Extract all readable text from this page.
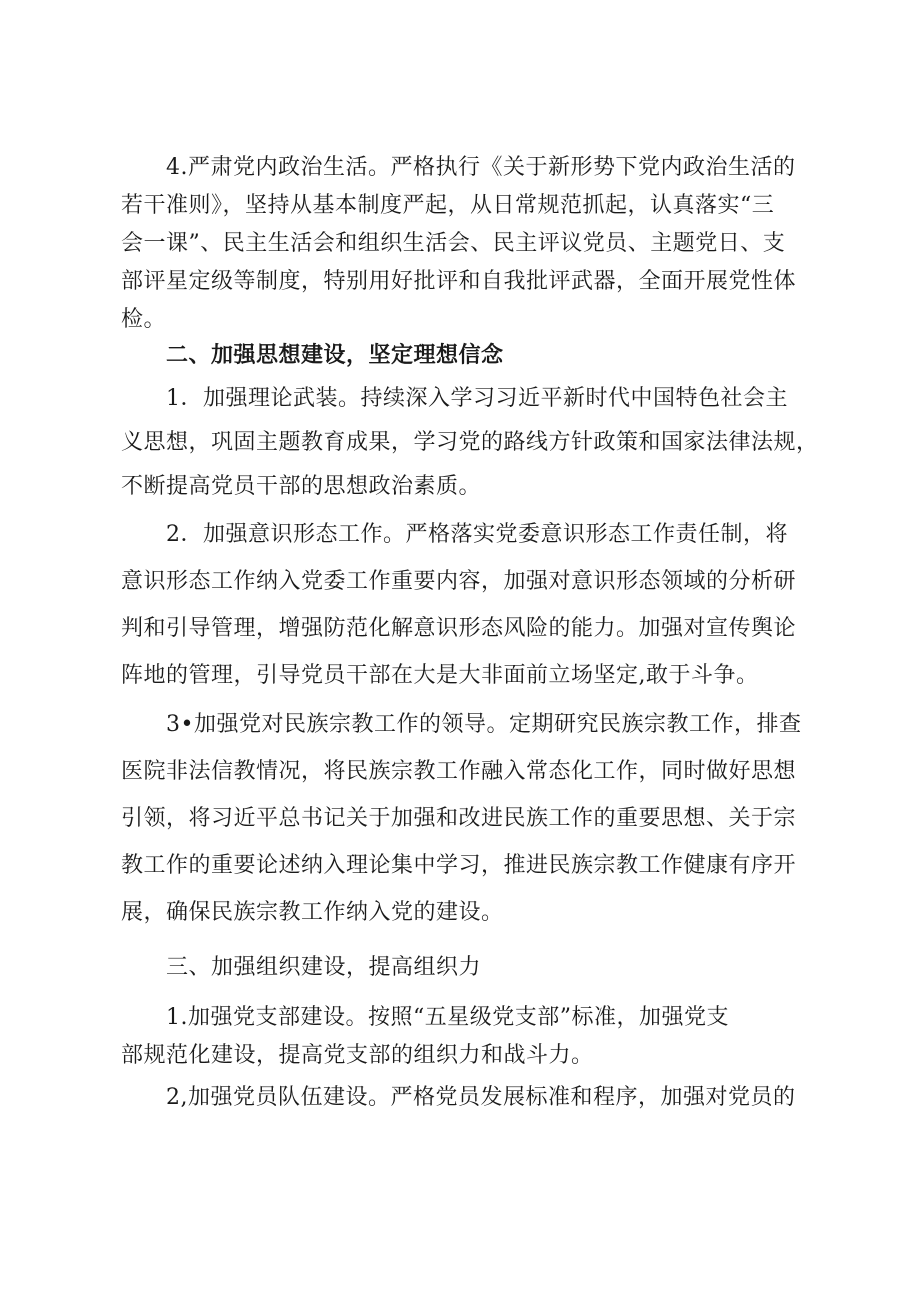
4.严肃党内政治生活。严格执行《关于新形势下党内政治生活的
若干准则》，坚持从基本制度严起，从日常规范抓起，认真落实“三
会一课”、民主生活会和组织生活会、民主评议党员、主题党日、支
部评星定级等制度，特别用好批评和自我批评武器，全面开展党性体
检。
二、加强思想建设，坚定理想信念
1．加强理论武装。持续深入学习习近平新时代中国特色社会主
义思想，巩固主题教育成果，学习党的路线方针政策和国家法律法规，
不断提高党员干部的思想政治素质。
2．加强意识形态工作。严格落实党委意识形态工作责任制，将
意识形态工作纳入党委工作重要内容，加强对意识形态领域的分析研
判和引导管理，增强防范化解意识形态风险的能力。加强对宣传舆论
阵地的管理，引导党员干部在大是大非面前立场坚定,敢于斗争。
3•加强党对民族宗教工作的领导。定期研究民族宗教工作，排查
医院非法信教情况，将民族宗教工作融入常态化工作，同时做好思想
引领，将习近平总书记关于加强和改进民族工作的重要思想、关于宗
教工作的重要论述纳入理论集中学习，推进民族宗教工作健康有序开
展，确保民族宗教工作纳入党的建设。
三、加强组织建设，提高组织力
1.加强党支部建设。按照“五星级党支部”标准，加强党支
部规范化建设，提高党支部的组织力和战斗力。
2,加强党员队伍建设。严格党员发展标准和程序，加强对党员的
